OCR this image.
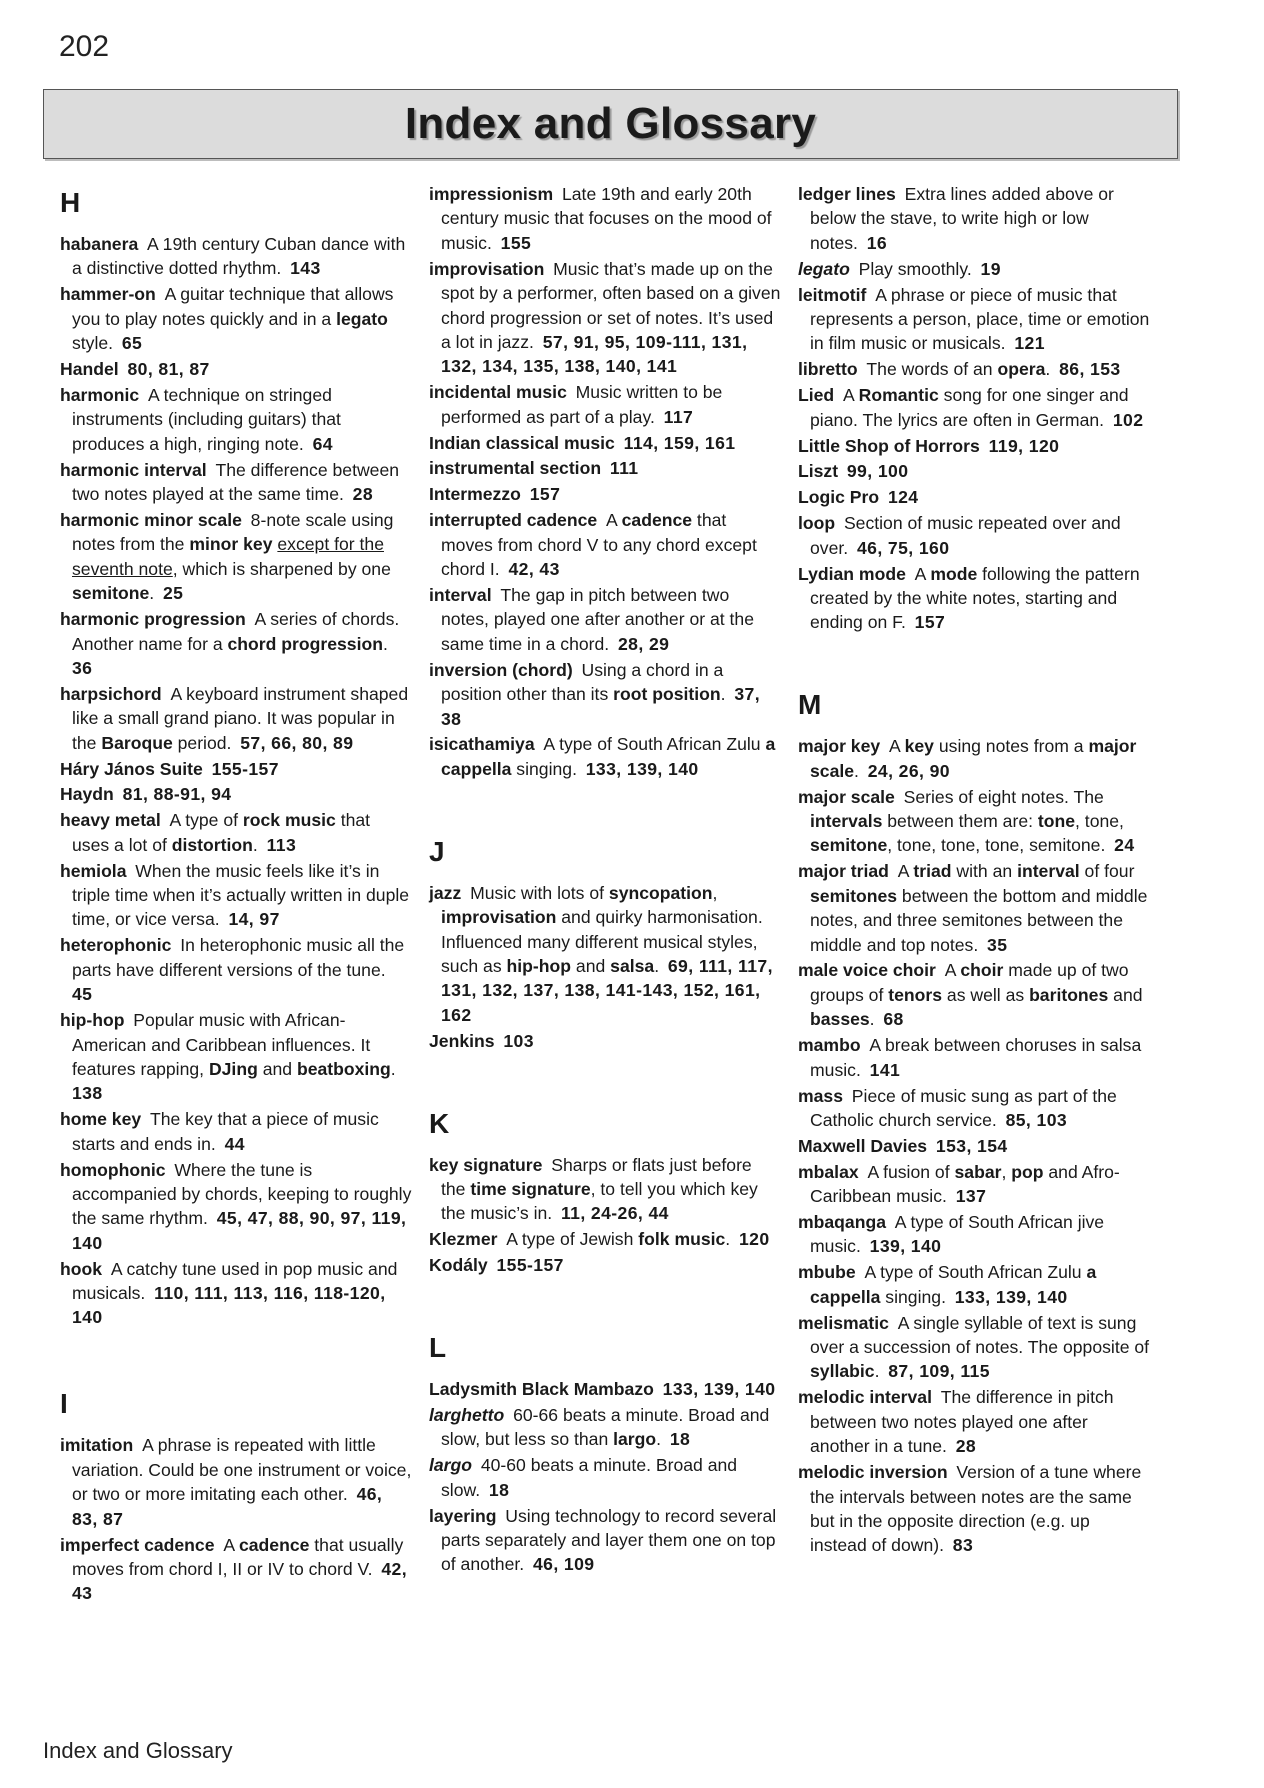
202
Index and Glossary
H
habanera  A 19th century Cuban dance with a distinctive dotted rhythm.  143
hammer-on  A guitar technique that allows you to play notes quickly and in a legato style.  65
Handel  80, 81, 87
harmonic  A technique on stringed instruments (including guitars) that produces a high, ringing note.  64
harmonic interval  The difference between two notes played at the same time.  28
harmonic minor scale  8-note scale using notes from the minor key except for the seventh note, which is sharpened by one semitone.  25
harmonic progression  A series of chords. Another name for a chord progression. 36
harpsichord  A keyboard instrument shaped like a small grand piano. It was popular in the Baroque period.  57, 66, 80, 89
Háry János Suite  155-157
Haydn  81, 88-91, 94
heavy metal  A type of rock music that uses a lot of distortion.  113
hemiola  When the music feels like it’s in triple time when it’s actually written in duple time, or vice versa.  14, 97
heterophonic  In heterophonic music all the parts have different versions of the tune. 45
hip-hop  Popular music with African-American and Caribbean influences. It features rapping, DJing and beatboxing. 138
home key  The key that a piece of music starts and ends in.  44
homophonic  Where the tune is accompanied by chords, keeping to roughly the same rhythm.  45, 47, 88, 90, 97, 119, 140
hook  A catchy tune used in pop music and musicals.  110, 111, 113, 116, 118-120, 140
I
imitation  A phrase is repeated with little variation. Could be one instrument or voice, or two or more imitating each other.  46, 83, 87
imperfect cadence  A cadence that usually moves from chord I, II or IV to chord V.  42, 43
impressionism  Late 19th and early 20th century music that focuses on the mood of music.  155
improvisation  Music that’s made up on the spot by a performer, often based on a given chord progression or set of notes. It’s used a lot in jazz.  57, 91, 95, 109-111, 131, 132, 134, 135, 138, 140, 141
incidental music  Music written to be performed as part of a play.  117
Indian classical music  114, 159, 161
instrumental section  111
Intermezzo  157
interrupted cadence  A cadence that moves from chord V to any chord except chord I.  42, 43
interval  The gap in pitch between two notes, played one after another or at the same time in a chord.  28, 29
inversion (chord)  Using a chord in a position other than its root position.  37, 38
isicathamiya  A type of South African Zulu a cappella singing.  133, 139, 140
J
jazz  Music with lots of syncopation, improvisation and quirky harmonisation. Influenced many different musical styles, such as hip-hop and salsa.  69, 111, 117, 131, 132, 137, 138, 141-143, 152, 161, 162
Jenkins  103
K
key signature  Sharps or flats just before the time signature, to tell you which key the music’s in.  11, 24-26, 44
Klezmer  A type of Jewish folk music.  120
Kodály  155-157
L
Ladysmith Black Mambazo  133, 139, 140
larghetto  60-66 beats a minute. Broad and slow, but less so than largo.  18
largo  40-60 beats a minute. Broad and slow.  18
layering  Using technology to record several parts separately and layer them one on top of another.  46, 109
ledger lines  Extra lines added above or below the stave, to write high or low notes.  16
legato  Play smoothly.  19
leitmotif  A phrase or piece of music that represents a person, place, time or emotion in film music or musicals.  121
libretto  The words of an opera.  86, 153
Lied  A Romantic song for one singer and piano. The lyrics are often in German.  102
Little Shop of Horrors  119, 120
Liszt  99, 100
Logic Pro  124
loop  Section of music repeated over and over.  46, 75, 160
Lydian mode  A mode following the pattern created by the white notes, starting and ending on F.  157
M
major key  A key using notes from a major scale.  24, 26, 90
major scale  Series of eight notes. The intervals between them are: tone, tone, semitone, tone, tone, tone, semitone.  24
major triad  A triad with an interval of four semitones between the bottom and middle notes, and three semitones between the middle and top notes.  35
male voice choir  A choir made up of two groups of tenors as well as baritones and basses.  68
mambo  A break between choruses in salsa music.  141
mass  Piece of music sung as part of the Catholic church service.  85, 103
Maxwell Davies  153, 154
mbalax  A fusion of sabar, pop and Afro-Caribbean music.  137
mbaqanga  A type of South African jive music.  139, 140
mbube  A type of South African Zulu a cappella singing.  133, 139, 140
melismatic  A single syllable of text is sung over a succession of notes. The opposite of syllabic.  87, 109, 115
melodic interval  The difference in pitch between two notes played one after another in a tune.  28
melodic inversion  Version of a tune where the intervals between notes are the same but in the opposite direction (e.g. up instead of down).  83
Index and Glossary
